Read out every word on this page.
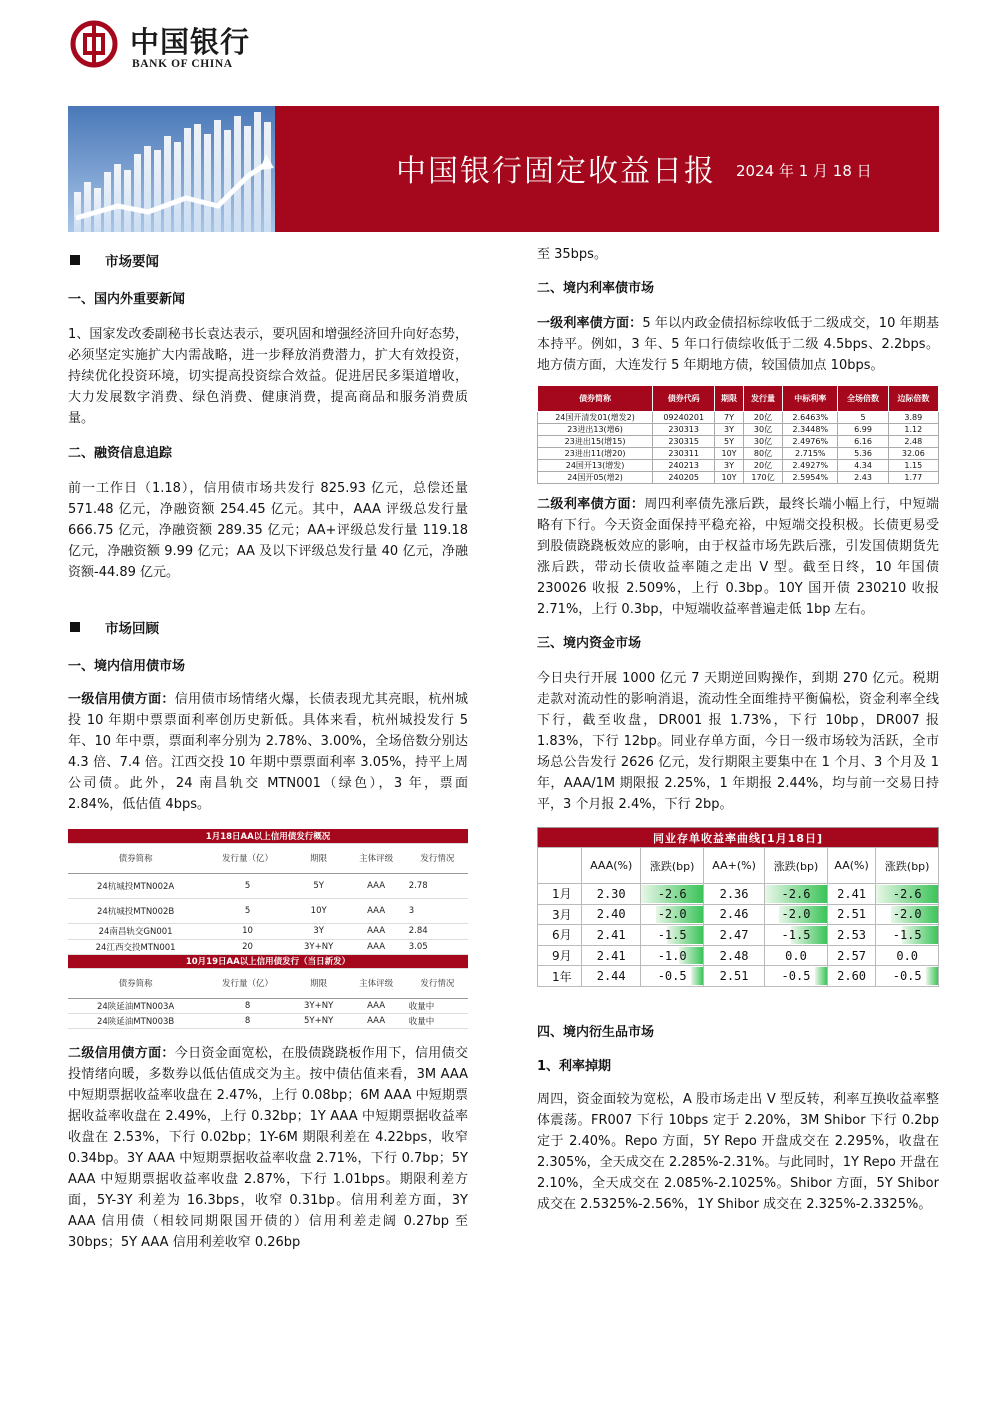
中国银行
BANK OF CHINA
中国银行固定收益日报 2024 年 1 月 18 日
市场要闻
一、国内外重要新闻

1、国家发改委副秘书长袁达表示，要巩固和增强经济回升向好态势，必须坚定实施扩大内需战略，进一步释放消费潜力，扩大有效投资，持续优化投资环境，切实提高投资综合效益。促进居民多渠道增收，大力发展数字消费、绿色消费、健康消费，提高商品和服务消费质量。

二、融资信息追踪

前一工作日（1.18），信用债市场共发行 825.93 亿元，总偿还量 571.48 亿元，净融资额 254.45 亿元。其中，AAA 评级总发行量 666.75 亿元，净融资额 289.35 亿元；AA+评级总发行量 119.18 亿元，净融资额 9.99 亿元；AA 及以下评级总发行量 40 亿元，净融资额-44.89 亿元。

市场回顾
一、境内信用债市场

一级信用债方面：信用债市场情绪火爆，长债表现尤其亮眼，杭州城投 10 年期中票票面利率创历史新低。具体来看，杭州城投发行 5 年、10 年中票，票面利率分别为 2.78%、3.00%，全场倍数分别达 4.3 倍、7.4 倍。江西交投 10 年期中票票面利率 3.05%，持平上周公司债。此外，24 南昌轨交 MTN001（绿色），3 年，票面 2.84%，低估值 4bps。

1月18日AA以上信用债发行概况				
债券简称	发行量（亿）	期限	主体评级	发行情况
24杭城投MTN002A	5	5Y	AAA	2.78
24杭城投MTN002B	5	10Y	AAA	3
24南昌轨交GN001	10	3Y	AAA	2.84
24江西交投MTN001	20	3Y+NY	AAA	3.05
10月19日AA以上信用债发行（当日新发）				
债券简称	发行量（亿）	期限	主体评级	发行情况
24陕延油MTN003A	8	3Y+NY	AAA	收量中
24陕延油MTN003B	8	5Y+NY	AAA	收量中

二级信用债方面：今日资金面宽松，在股债跷跷板作用下，信用债交投情绪向暖，多数券以低估值成交为主。按中债估值来看，3M AAA 中短期票据收益率收盘在 2.47%，上行 0.08bp；6M AAA 中短期票据收益率收盘在 2.49%，上行 0.32bp；1Y AAA 中短期票据收益率收盘在 2.53%，下行 0.02bp；1Y-6M 期限利差在 4.22bps，收窄 0.34bp。3Y AAA 中短期票据收益率收盘 2.71%，下行 0.7bp；5Y AAA 中短期票据收益率收盘 2.87%，下行 1.01bps。期限利差方面，5Y-3Y 利差为 16.3bps，收窄 0.31bp。信用利差方面，3Y AAA 信用债（相较同期限国开债的）信用利差走阔 0.27bp 至 30bps；5Y AAA 信用利差收窄 0.26bp

至 35bps。

二、境内利率债市场

一级利率债方面：5 年以内政金债招标综收低于二级成交，10 年期基本持平。例如，3 年、5 年口行债综收低于二级 4.5bps、2.2bps。地方债方面，大连发行 5 年期地方债，较国债加点 10bps。

债券简称	债券代码	期限	发行量	中标利率	全场倍数	边际倍数
24国开清发01(增发2)	09240201	7Y	20亿	2.6463%	5	3.89
23进出13(增6)	230313	3Y	30亿	2.3448%	6.99	1.12
23进出15(增15)	230315	5Y	30亿	2.4976%	6.16	2.48
23进出11(增20)	230311	10Y	80亿	2.715%	5.36	32.06
24国开13(增发)	240213	3Y	20亿	2.4927%	4.34	1.15
24国开05(增2)	240205	10Y	170亿	2.5954%	2.43	1.77

二级利率债方面：周四利率债先涨后跌，最终长端小幅上行，中短端略有下行。今天资金面保持平稳充裕，中短端交投积极。长债更易受到股债跷跷板效应的影响，由于权益市场先跌后涨，引发国债期货先涨后跌，带动长债收益率随之走出 V 型。截至日终，10 年国债 230026 收报 2.509%，上行 0.3bp。10Y 国开债 230210 收报 2.71%，上行 0.3bp，中短端收益率普遍走低 1bp 左右。

三、境内资金市场

今日央行开展 1000 亿元 7 天期逆回购操作，到期 270 亿元。税期走款对流动性的影响消退，流动性全面维持平衡偏松，资金利率全线下行，截至收盘，DR001 报 1.73%，下行 10bp，DR007 报 1.83%，下行 12bp。同业存单方面，今日一级市场较为活跃，全市场总公告发行 2626 亿元，发行期限主要集中在 1 个月、3 个月及 1 年，AAA/1M 期限报 2.25%，1 年期报 2.44%，均与前一交易日持平，3 个月报 2.4%，下行 2bp。

同业存单收益率曲线[1月18日]						
	AAA(%)	涨跌(bp)	AA+(%)	涨跌(bp)	AA(%)	涨跌(bp)
1月	2.30	-2.6	2.36	-2.6	2.41	-2.6
3月	2.40	-2.0	2.46	-2.0	2.51	-2.0
6月	2.41	-1.5	2.47	-1.5	2.53	-1.5
9月	2.41	-1.0	2.48	0.0	2.57	0.0
1年	2.44	-0.5	2.51	-0.5	2.60	-0.5
四、境内衍生品市场
1、利率掉期

周四，资金面较为宽松，A 股市场走出 V 型反转，利率互换收益率整体震荡。FR007 下行 10bps 定于 2.20%，3M Shibor 下行 0.2bp 定于 2.40%。Repo 方面，5Y Repo 开盘成交在 2.295%，收盘在 2.305%，全天成交在 2.285%-2.31%。与此同时，1Y Repo 开盘在 2.10%，全天成交在 2.085%-2.1025%。Shibor 方面，5Y Shibor 成交在 2.5325%-2.56%，1Y Shibor 成交在 2.325%-2.3325%。
